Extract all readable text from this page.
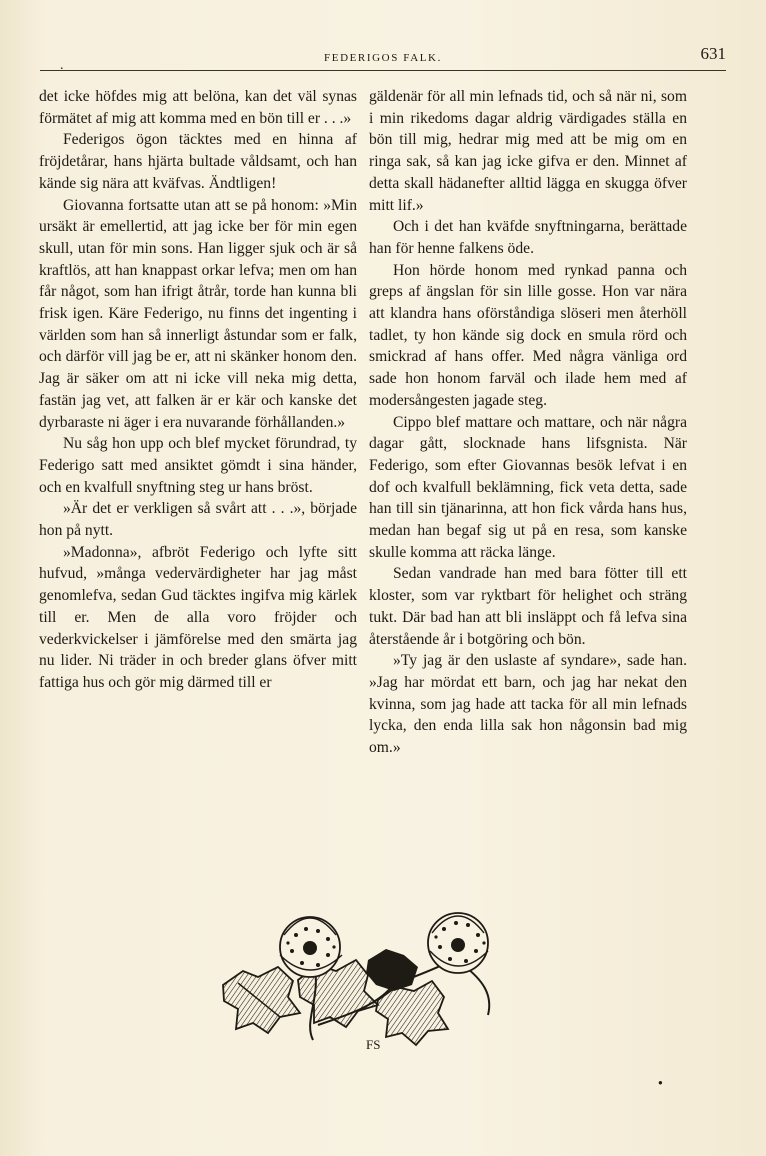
.	FEDERIGOS FALK.	631

det icke höfdes mig att belöna, kan det väl synas förmätet af mig att komma med en bön till er . . .»

Federigos ögon täcktes med en hinna af fröjdetårar, hans hjärta bultade våldsamt, och han kände sig nära att kväfvas. Ändtligen!

Giovanna fortsatte utan att se på honom: »Min ursäkt är emellertid, att jag icke ber för min egen skull, utan för min sons. Han ligger sjuk och är så kraftlös, att han knappast orkar lefva; men om han får något, som han ifrigt åtrår, torde han kunna bli frisk igen. Käre Federigo, nu finns det ingenting i världen som han så innerligt åstundar som er falk, och därför vill jag be er, att ni skänker honom den. Jag är säker om att ni icke vill neka mig detta, fastän jag vet, att falken är er kär och kanske det dyrbaraste ni äger i era nuvarande förhållanden.»

Nu såg hon upp och blef mycket förundrad, ty Federigo satt med ansiktet gömdt i sina händer, och en kvalfull snyftning steg ur hans bröst.

»Är det er verkligen så svårt att . . .», började hon på nytt.

»Madonna», afbröt Federigo och lyfte sitt hufvud, »många vedervärdigheter har jag måst genomlefva, sedan Gud täcktes ingifva mig kärlek till er. Men de alla voro fröjder och vederkvickelser i jämförelse med den smärta jag nu lider. Ni träder in och breder glans öfver mitt fattiga hus och gör mig därmed till er

gäldenär för all min lefnads tid, och så när ni, som i min rikedoms dagar aldrig värdigades ställa en bön till mig, hedrar mig med att be mig om en ringa sak, så kan jag icke gifva er den. Minnet af detta skall hädanefter alltid lägga en skugga öfver mitt lif.»

Och i det han kväfde snyftningarna, berättade han för henne falkens öde.

Hon hörde honom med rynkad panna och greps af ängslan för sin lille gosse. Hon var nära att klandra hans oförståndiga slöseri men återhöll tadlet, ty hon kände sig dock en smula rörd och smickrad af hans offer. Med några vänliga ord sade hon honom farväl och ilade hem med af modersångesten jagade steg.

Cippo blef mattare och mattare, och när några dagar gått, slocknade hans lifsgnista. När Federigo, som efter Giovannas besök lefvat i en dof och kvalfull beklämning, fick veta detta, sade han till sin tjänarinna, att hon fick vårda hans hus, medan han begaf sig ut på en resa, som kanske skulle komma att räcka länge.

Sedan vandrade han med bara fötter till ett kloster, som var ryktbart för helighet och sträng tukt. Där bad han att bli insläppt och få lefva sina återstående år i botgöring och bön.

»Ty jag är den uslaste af syndare», sade han. »Jag har mördat ett barn, och jag har nekat den kvinna, som jag hade att tacka för all min lefnads lycka, den enda lilla sak hon någonsin bad mig om.»

FS
●
